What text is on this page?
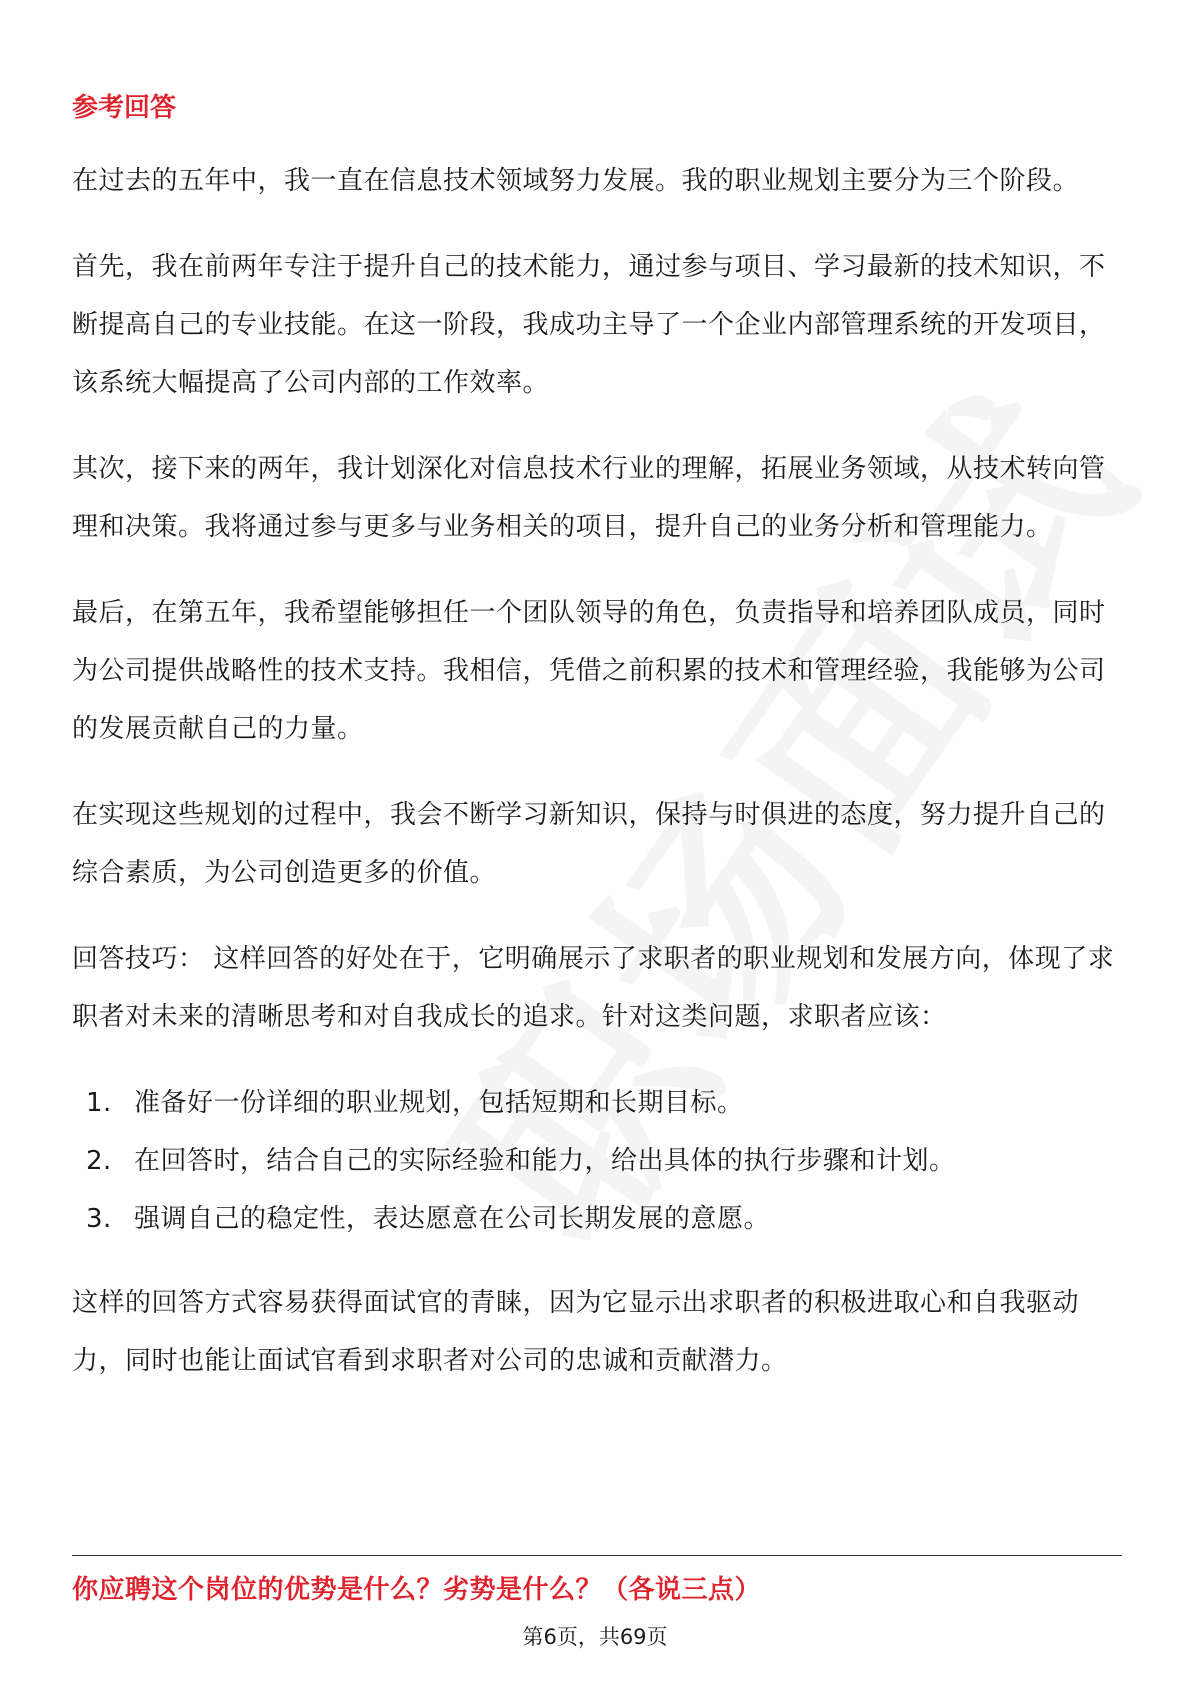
参考回答

在过去的五年中，我一直在信息技术领域努力发展。我的职业规划主要分为三个阶段。

首先，我在前两年专注于提升自己的技术能力，通过参与项目、学习最新的技术知识，不断提高自己的专业技能。在这一阶段，我成功主导了一个企业内部管理系统的开发项目，该系统大幅提高了公司内部的工作效率。

其次，接下来的两年，我计划深化对信息技术行业的理解，拓展业务领域，从技术转向管理和决策。我将通过参与更多与业务相关的项目，提升自己的业务分析和管理能力。

最后，在第五年，我希望能够担任一个团队领导的角色，负责指导和培养团队成员，同时为公司提供战略性的技术支持。我相信，凭借之前积累的技术和管理经验，我能够为公司的发展贡献自己的力量。

在实现这些规划的过程中，我会不断学习新知识，保持与时俱进的态度，努力提升自己的综合素质，为公司创造更多的价值。

回答技巧： 这样回答的好处在于，它明确展示了求职者的职业规划和发展方向，体现了求职者对未来的清晰思考和对自我成长的追求。针对这类问题，求职者应该：

1. 准备好一份详细的职业规划，包括短期和长期目标。
2. 在回答时，结合自己的实际经验和能力，给出具体的执行步骤和计划。
3. 强调自己的稳定性，表达愿意在公司长期发展的意愿。

这样的回答方式容易获得面试官的青睐，因为它显示出求职者的积极进取心和自我驱动力，同时也能让面试官看到求职者对公司的忠诚和贡献潜力。

你应聘这个岗位的优势是什么？劣势是什么？（各说三点）
第6页，共69页
